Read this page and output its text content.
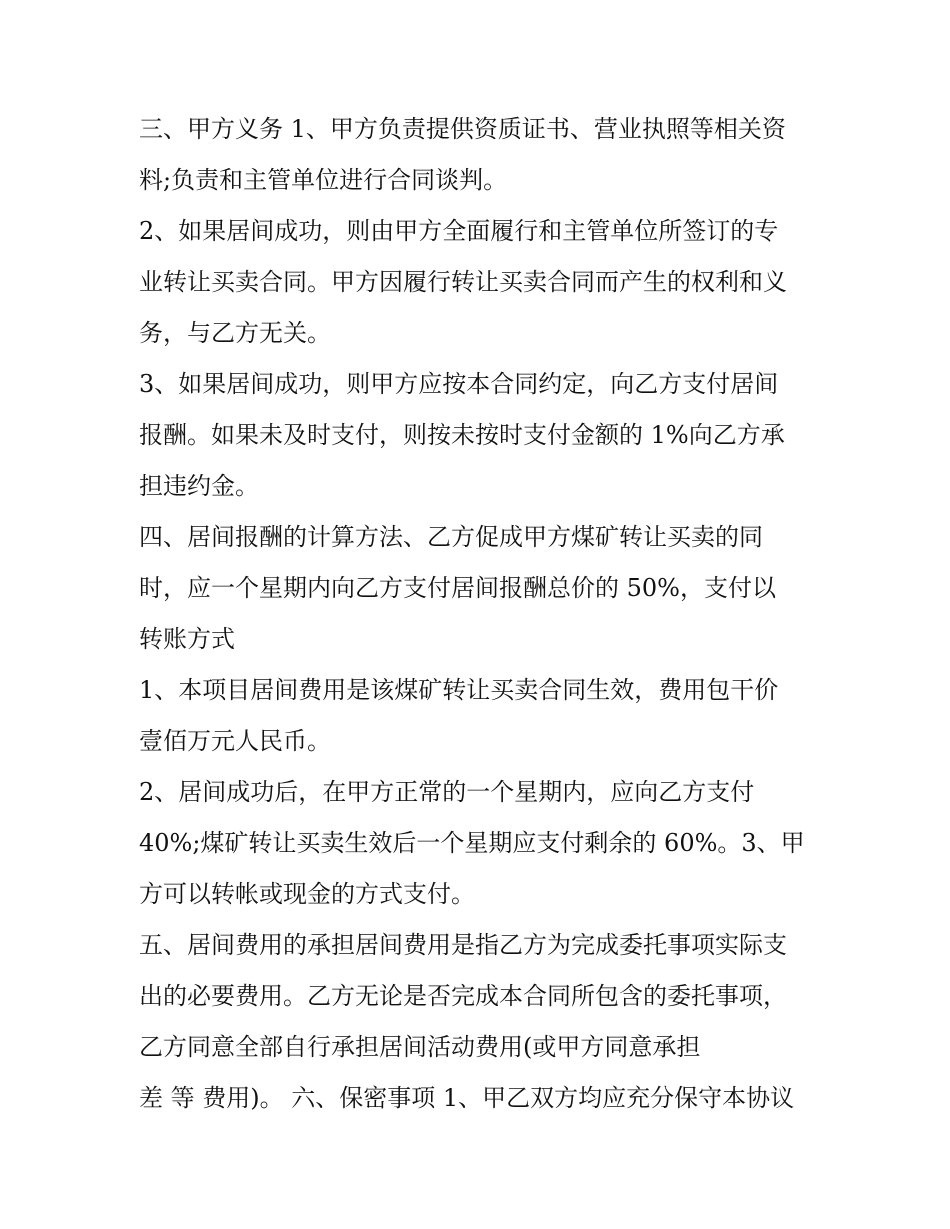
三、甲方义务 1、甲方负责提供资质证书、营业执照等相关资
料;负责和主管单位进行合同谈判。
2、如果居间成功，则由甲方全面履行和主管单位所签订的专
业转让买卖合同。甲方因履行转让买卖合同而产生的权利和义
务，与乙方无关。
3、如果居间成功，则甲方应按本合同约定，向乙方支付居间
报酬。如果未及时支付，则按未按时支付金额的 1%向乙方承
担违约金。
四、居间报酬的计算方法、乙方促成甲方煤矿转让买卖的同
时，应一个星期内向乙方支付居间报酬总价的 50%，支付以
转账方式
1、本项目居间费用是该煤矿转让买卖合同生效，费用包干价
壹佰万元人民币。
2、居间成功后，在甲方正常的一个星期内，应向乙方支付
40%;煤矿转让买卖生效后一个星期应支付剩余的 60%。3、甲
方可以转帐或现金的方式支付。
五、居间费用的承担居间费用是指乙方为完成委托事项实际支
出的必要费用。乙方无论是否完成本合同所包含的委托事项，
乙方同意全部自行承担居间活动费用(或甲方同意承担
差 等 费用)。 六、保密事项 1、甲乙双方均应充分保守本协议
